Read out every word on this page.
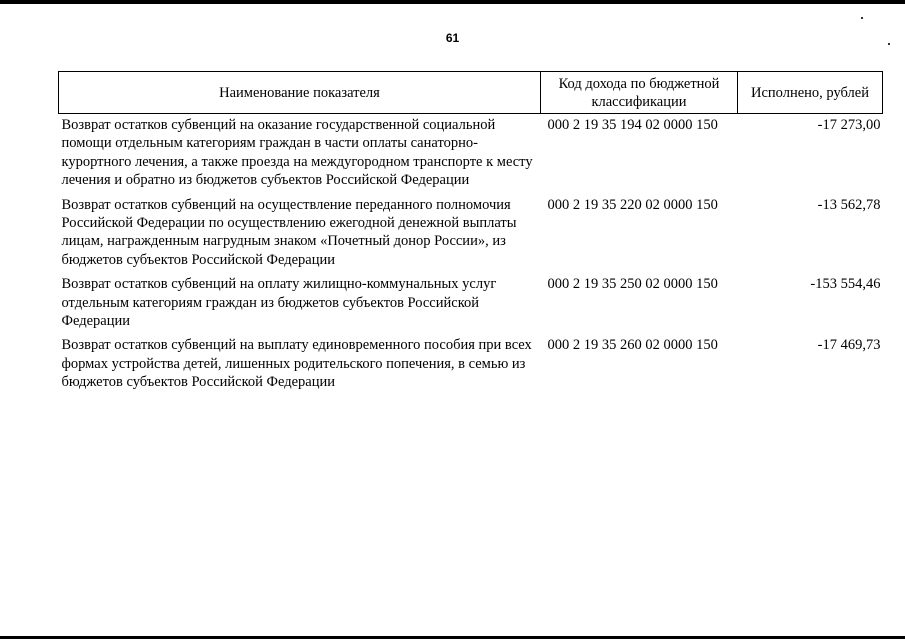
61
Наименование показателя	Код дохода по бюджетной классификации	Исполнено, рублей
Возврат остатков субвенций на оказание государственной социальной помощи отдельным категориям граждан в части оплаты санаторно-курортного лечения, а также проезда на междугородном транспорте к месту лечения и обратно из бюджетов субъектов Российской Федерации	000 2 19 35 194 02 0000 150	-17 273,00
Возврат остатков субвенций на осуществление переданного полномочия Российской Федерации по осуществлению ежегодной денежной выплаты лицам, награжденным нагрудным знаком «Почетный донор России», из бюджетов субъектов Российской Федерации	000 2 19 35 220 02 0000 150	-13 562,78
Возврат остатков субвенций на оплату жилищно-коммунальных услуг отдельным категориям граждан из бюджетов субъектов Российской Федерации	000 2 19 35 250 02 0000 150	-153 554,46
Возврат остатков субвенций на выплату единовременного пособия при всех формах устройства детей, лишенных родительского попечения, в семью из бюджетов субъектов Российской Федерации	000 2 19 35 260 02 0000 150	-17 469,73
